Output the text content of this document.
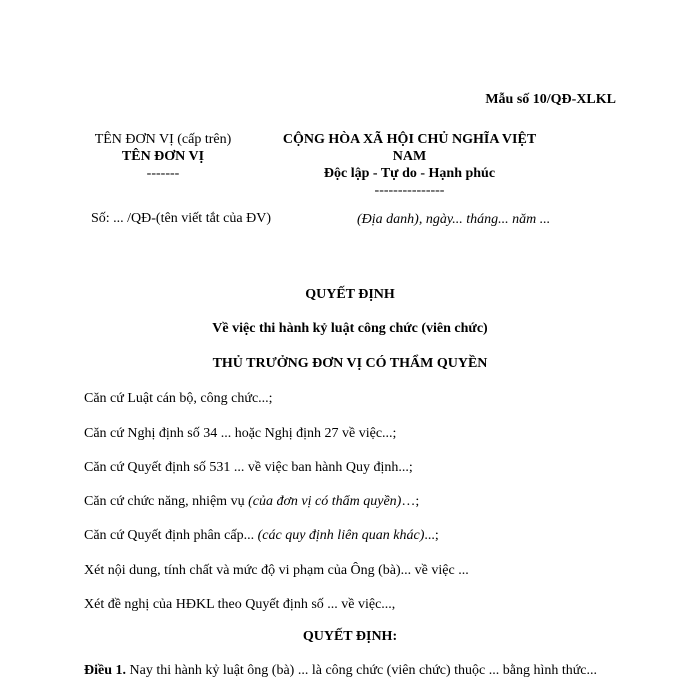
Mẫu số 10/QĐ-XLKL
TÊN ĐƠN VỊ (cấp trên)
TÊN ĐƠN VỊ
-------
CỘNG HÒA XÃ HỘI CHỦ NGHĨA VIỆT
NAM
Độc lập - Tự do - Hạnh phúc
---------------
Số: ... /QĐ-(tên viết tắt của ĐV)	(Địa danh), ngày... tháng... năm ...
QUYẾT ĐỊNH
Về việc thi hành kỷ luật công chức (viên chức)
THỦ TRƯỞNG ĐƠN VỊ CÓ THẨM QUYỀN
Căn cứ Luật cán bộ, công chức...;
Căn cứ Nghị định số 34 ... hoặc Nghị định 27 về việc...;
Căn cứ Quyết định số 531 ... về việc ban hành Quy định...;
Căn cứ chức năng, nhiệm vụ (của đơn vị có thẩm quyền)…;
Căn cứ Quyết định phân cấp... (các quy định liên quan khác)...;
Xét nội dung, tính chất và mức độ vi phạm của Ông (bà)... về việc ...
Xét đề nghị của HĐKL theo Quyết định số ... về việc...,
QUYẾT ĐỊNH:
Điều 1. Nay thi hành kỷ luật ông (bà) ... là công chức (viên chức) thuộc ... bằng hình thức...
